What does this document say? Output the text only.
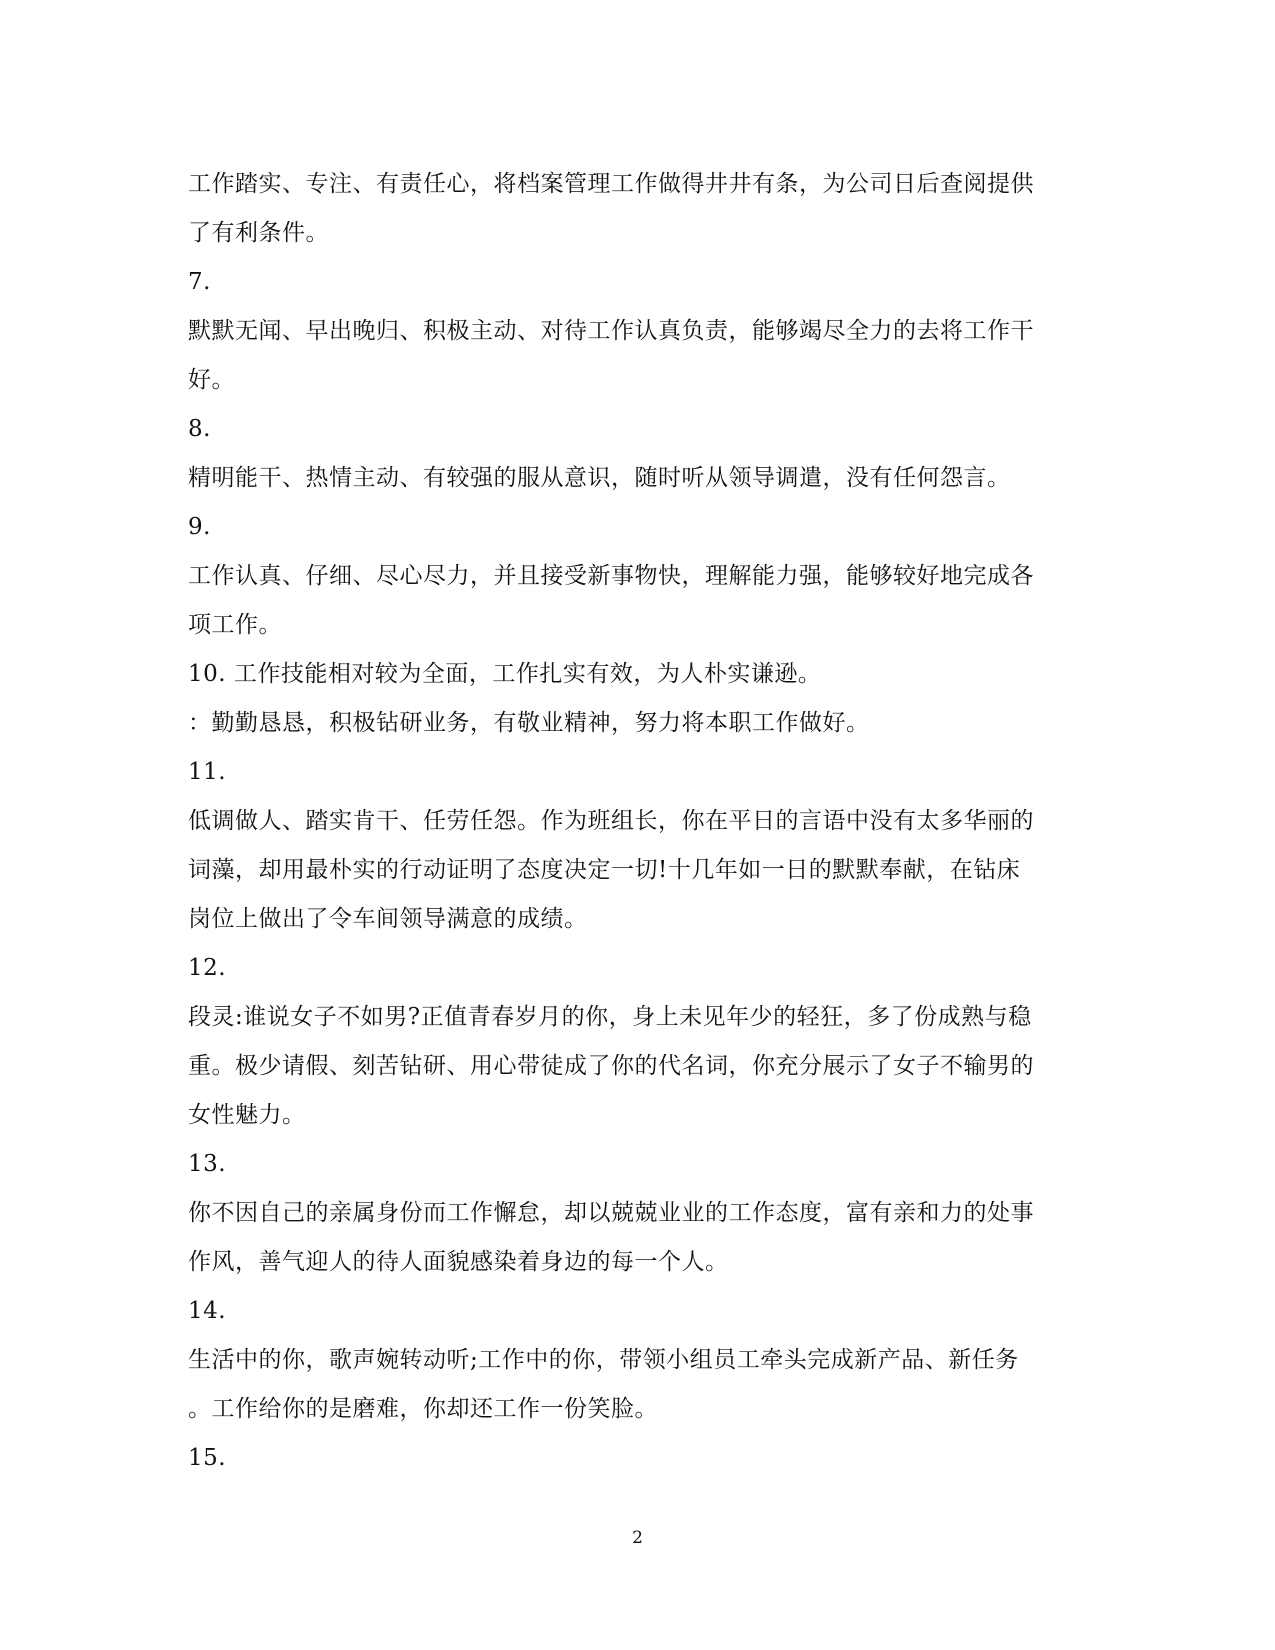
工作踏实、专注、有责任心，将档案管理工作做得井井有条，为公司日后查阅提供
了有利条件。
7.
默默无闻、早出晚归、积极主动、对待工作认真负责，能够竭尽全力的去将工作干
好。
8.
精明能干、热情主动、有较强的服从意识，随时听从领导调遣，没有任何怨言。
9.
工作认真、仔细、尽心尽力，并且接受新事物快，理解能力强，能够较好地完成各
项工作。
10. 工作技能相对较为全面，工作扎实有效，为人朴实谦逊。
：勤勤恳恳，积极钻研业务，有敬业精神，努力将本职工作做好。
11.
低调做人、踏实肯干、任劳任怨。作为班组长，你在平日的言语中没有太多华丽的
词藻，却用最朴实的行动证明了态度决定一切!十几年如一日的默默奉献，在钻床
岗位上做出了令车间领导满意的成绩。
12.
段灵:谁说女子不如男?正值青春岁月的你，身上未见年少的轻狂，多了份成熟与稳
重。极少请假、刻苦钻研、用心带徒成了你的代名词，你充分展示了女子不输男的
女性魅力。
13.
你不因自己的亲属身份而工作懈怠，却以兢兢业业的工作态度，富有亲和力的处事
作风，善气迎人的待人面貌感染着身边的每一个人。
14.
生活中的你，歌声婉转动听;工作中的你，带领小组员工牵头完成新产品、新任务
。工作给你的是磨难，你却还工作一份笑脸。
15.
2
